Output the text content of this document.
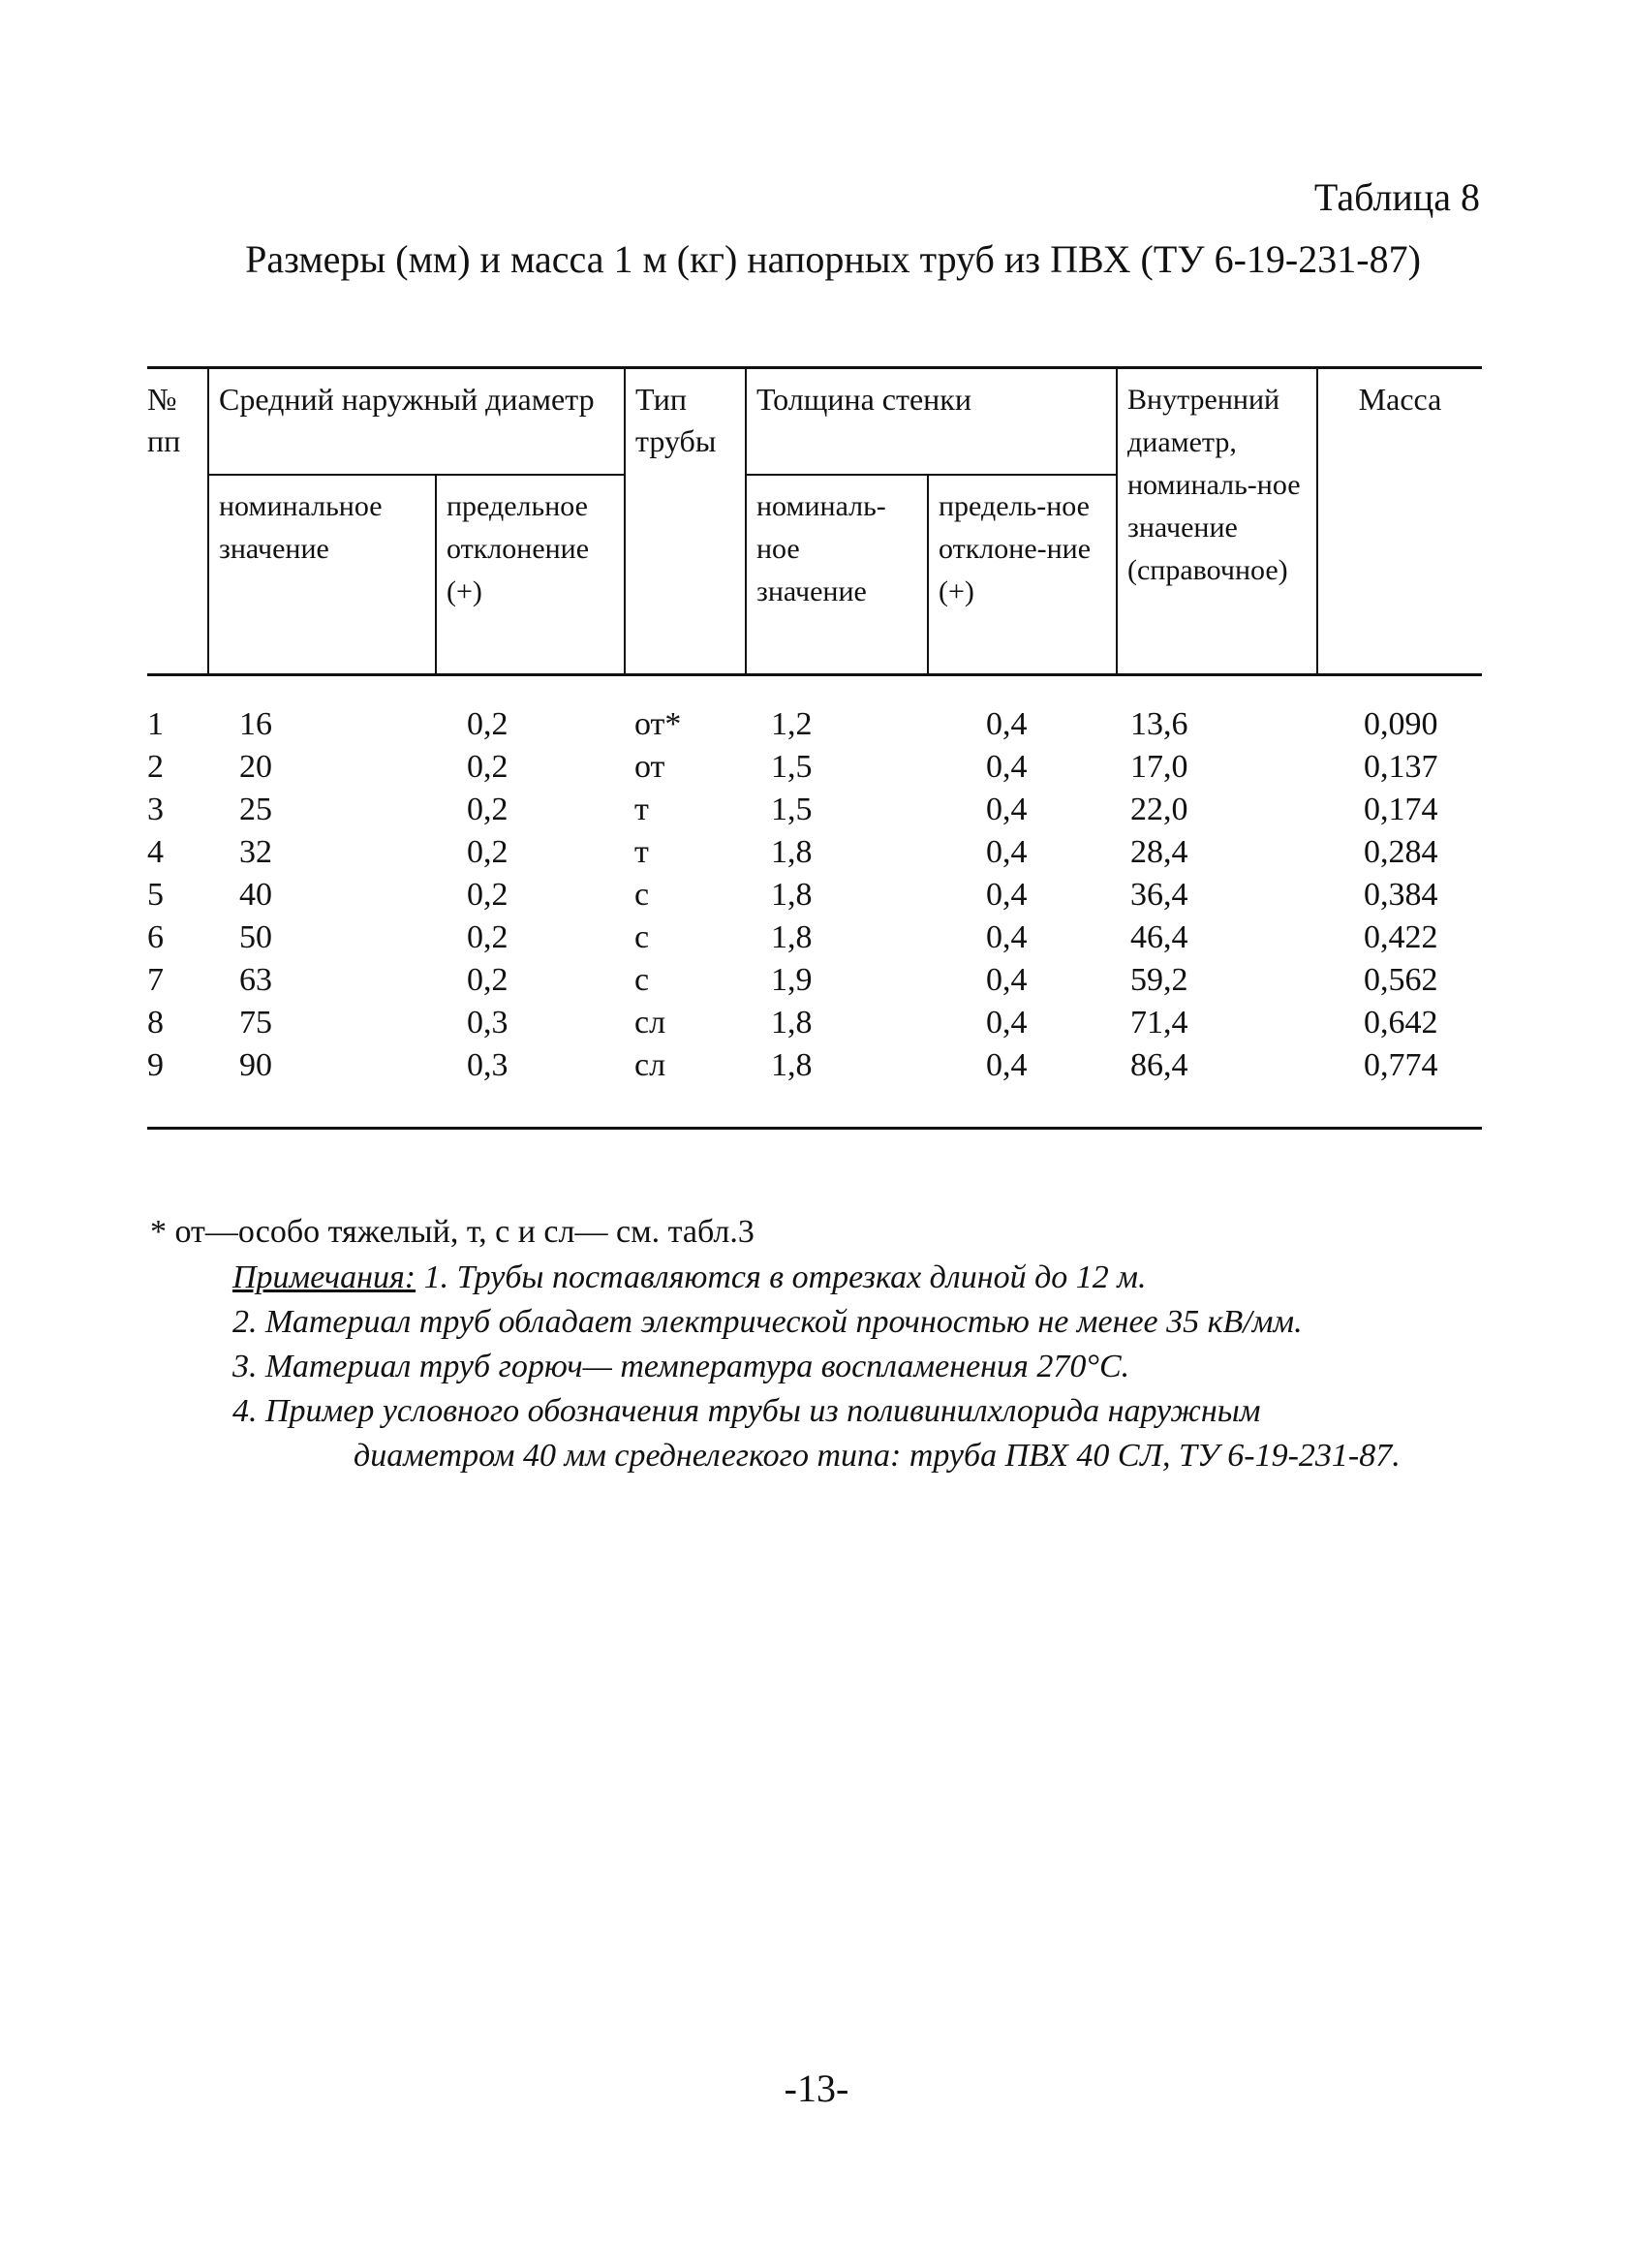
Таблица 8
Размеры (мм) и масса 1 м (кг) напорных труб из ПВХ (ТУ 6-19-231-87)
№ пп	Средний наружный диаметр		Тип трубы	Толщина стенки		Внутренний диаметр, номиналь-ное значение (справочное)	Масса
	номинальное значение	предельное отклонение (+)		номиналь-ное значение	предель-ное отклоне-ние (+)		
1	16	0,2	от*	1,2	0,4	13,6	0,090
2	20	0,2	от	1,5	0,4	17,0	0,137
3	25	0,2	т	1,5	0,4	22,0	0,174
4	32	0,2	т	1,8	0,4	28,4	0,284
5	40	0,2	с	1,8	0,4	36,4	0,384
6	50	0,2	с	1,8	0,4	46,4	0,422
7	63	0,2	с	1,9	0,4	59,2	0,562
8	75	0,3	сл	1,8	0,4	71,4	0,642
9	90	0,3	сл	1,8	0,4	86,4	0,774
* от—особо тяжелый, т, с и сл— см. табл.3
Примечания: 1. Трубы поставляются в отрезках длиной до 12 м.
2. Материал труб обладает электрической прочностью не менее 35 кВ/мм.
3. Материал труб горюч— температура воспламенения 270°С.
4. Пример условного обозначения трубы из поливинилхлорида наружным
диаметром 40 мм среднелегкого типа: труба ПВХ 40 СЛ, ТУ 6-19-231-87.
-13-
